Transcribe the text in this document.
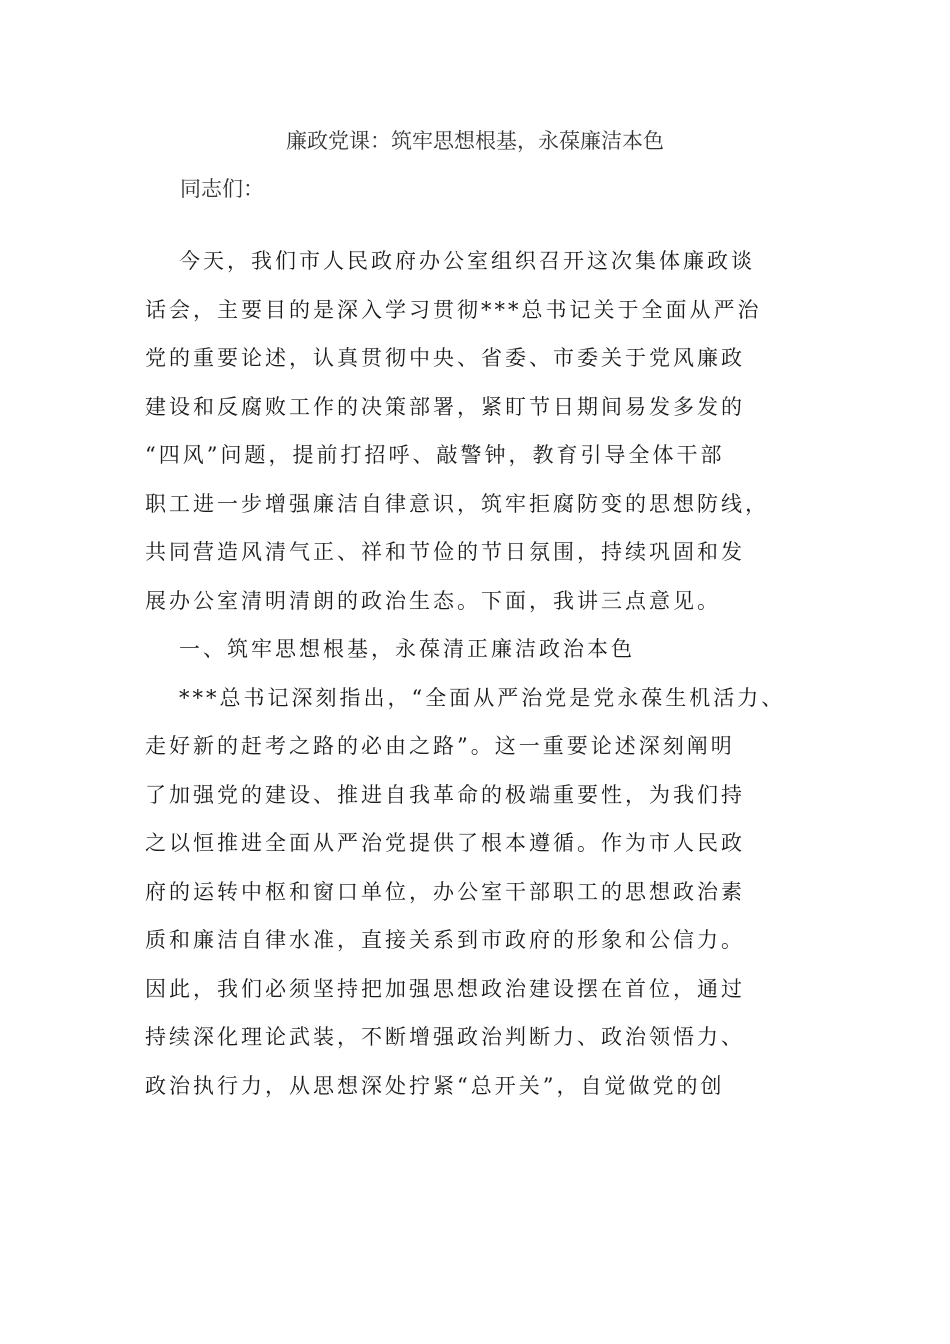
廉政党课：筑牢思想根基，永葆廉洁本色
同志们：
今天，我们市人民政府办公室组织召开这次集体廉政谈
话会，主要目的是深入学习贯彻***总书记关于全面从严治
党的重要论述，认真贯彻中央、省委、市委关于党风廉政
建设和反腐败工作的决策部署，紧盯节日期间易发多发的
“四风”问题，提前打招呼、敲警钟，教育引导全体干部
职工进一步增强廉洁自律意识，筑牢拒腐防变的思想防线，
共同营造风清气正、祥和节俭的节日氛围，持续巩固和发
展办公室清明清朗的政治生态。下面，我讲三点意见。
一、筑牢思想根基，永葆清正廉洁政治本色
***总书记深刻指出，“全面从严治党是党永葆生机活力、
走好新的赶考之路的必由之路”。这一重要论述深刻阐明
了加强党的建设、推进自我革命的极端重要性，为我们持
之以恒推进全面从严治党提供了根本遵循。作为市人民政
府的运转中枢和窗口单位，办公室干部职工的思想政治素
质和廉洁自律水准，直接关系到市政府的形象和公信力。
因此，我们必须坚持把加强思想政治建设摆在首位，通过
持续深化理论武装，不断增强政治判断力、政治领悟力、
政治执行力，从思想深处拧紧“总开关”，自觉做党的创
